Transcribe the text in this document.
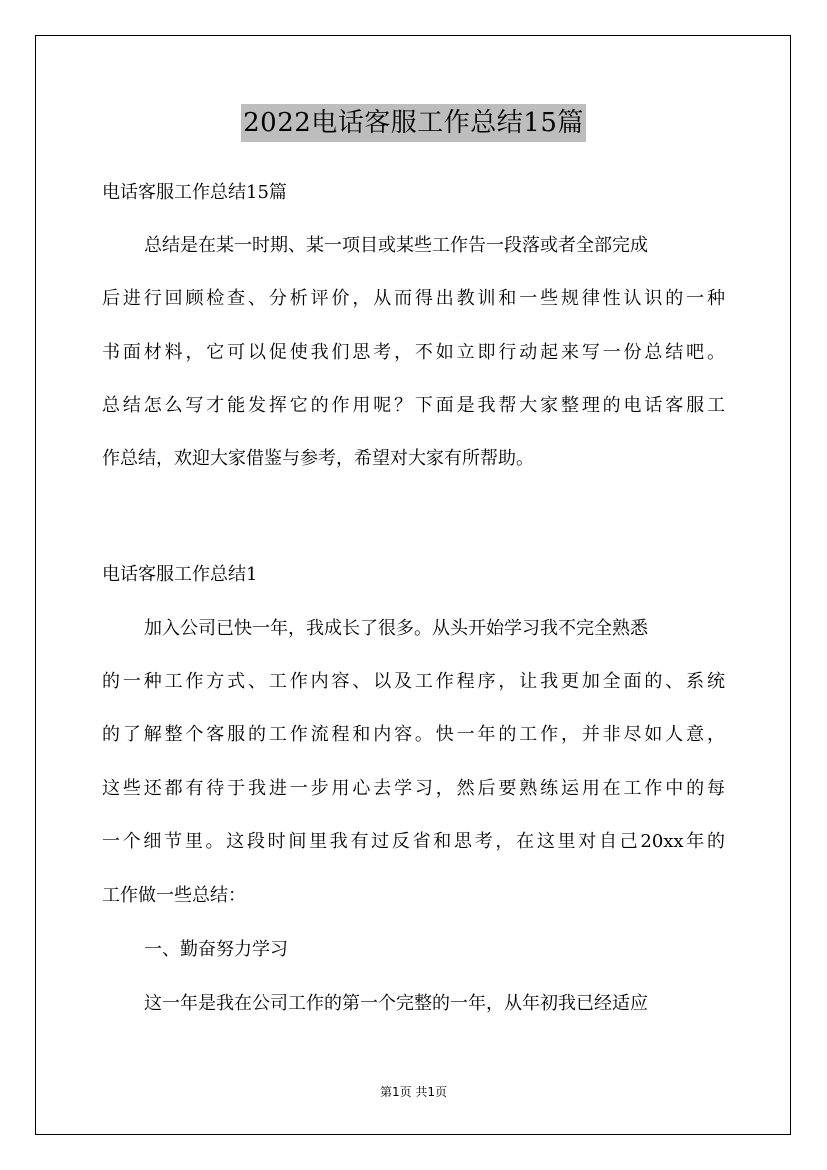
2022电话客服工作总结15篇
电话客服工作总结15篇
总结是在某一时期、某一项目或某些工作告一段落或者全部完成
后进行回顾检查、分析评价，从而得出教训和一些规律性认识的一种
书面材料，它可以促使我们思考，不如立即行动起来写一份总结吧。
总结怎么写才能发挥它的作用呢？下面是我帮大家整理的电话客服工
作总结，欢迎大家借鉴与参考，希望对大家有所帮助。
电话客服工作总结1
加入公司已快一年，我成长了很多。从头开始学习我不完全熟悉
的一种工作方式、工作内容、以及工作程序，让我更加全面的、系统
的了解整个客服的工作流程和内容。快一年的工作，并非尽如人意，
这些还都有待于我进一步用心去学习，然后要熟练运用在工作中的每
一个细节里。这段时间里我有过反省和思考，在这里对自己20xx年的
工作做一些总结：
一、勤奋努力学习
这一年是我在公司工作的第一个完整的一年，从年初我已经适应
第1页 共1页
